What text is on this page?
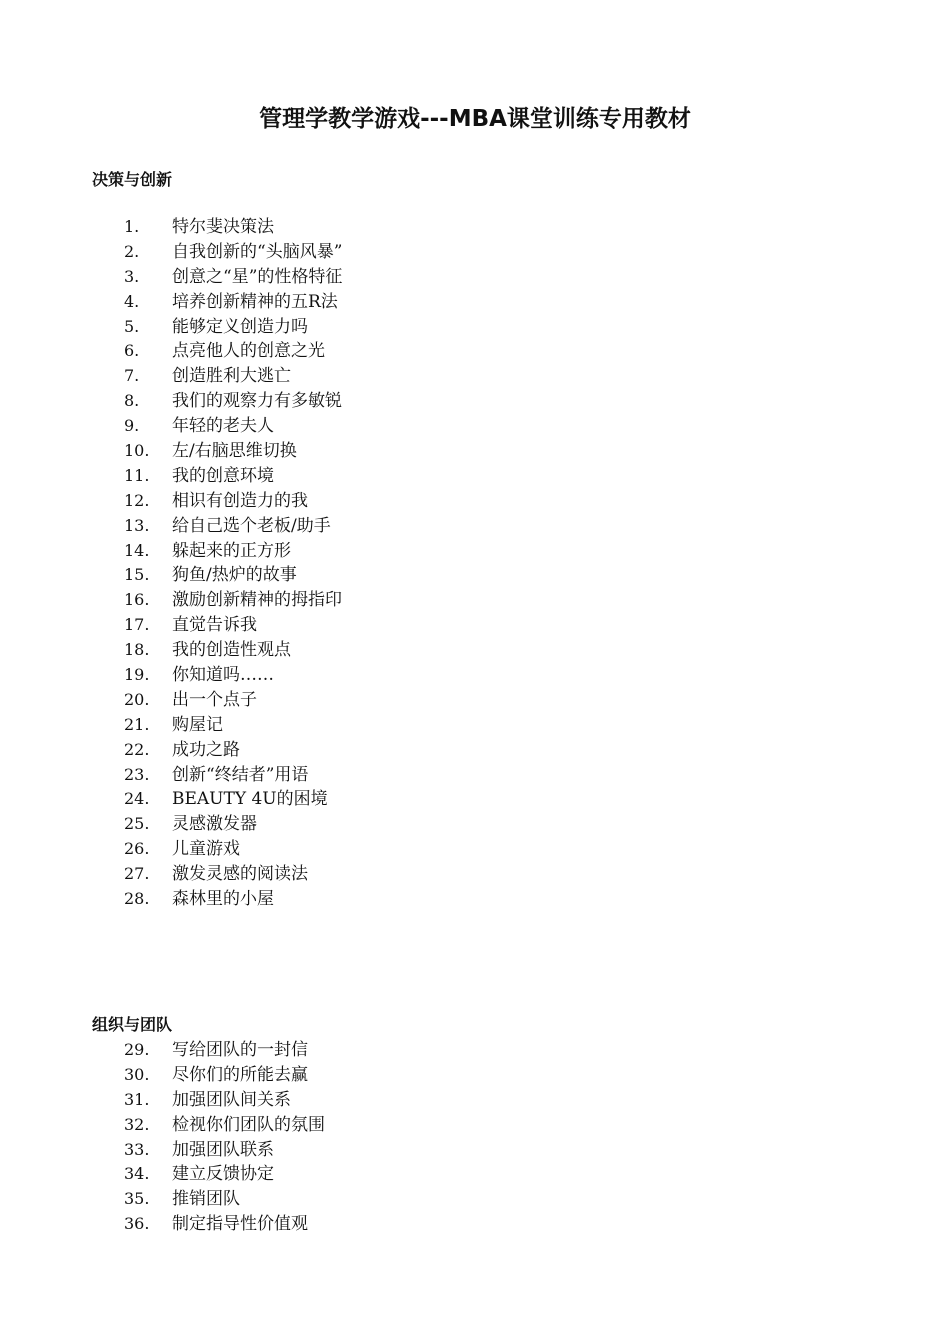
管理学教学游戏---MBA课堂训练专用教材
决策与创新
1.	特尔斐决策法
2.	自我创新的“头脑风暴”
3.	创意之“星”的性格特征
4.	培养创新精神的五R法
5.	能够定义创造力吗
6.	点亮他人的创意之光
7.	创造胜利大逃亡
8.	我们的观察力有多敏锐
9.	年轻的老夫人
10.	左/右脑思维切换
11.	我的创意环境
12.	相识有创造力的我
13.	给自己选个老板/助手
14.	躲起来的正方形
15.	狗鱼/热炉的故事
16.	激励创新精神的拇指印
17.	直觉告诉我
18.	我的创造性观点
19.	你知道吗……
20.	出一个点子
21.	购屋记
22.	成功之路
23.	创新“终结者”用语
24.	BEAUTY 4U的困境
25.	灵感激发器
26.	儿童游戏
27.	激发灵感的阅读法
28.	森林里的小屋
组织与团队
29.	写给团队的一封信
30.	尽你们的所能去赢
31.	加强团队间关系
32.	检视你们团队的氛围
33.	加强团队联系
34.	建立反馈协定
35.	推销团队
36.	制定指导性价值观
